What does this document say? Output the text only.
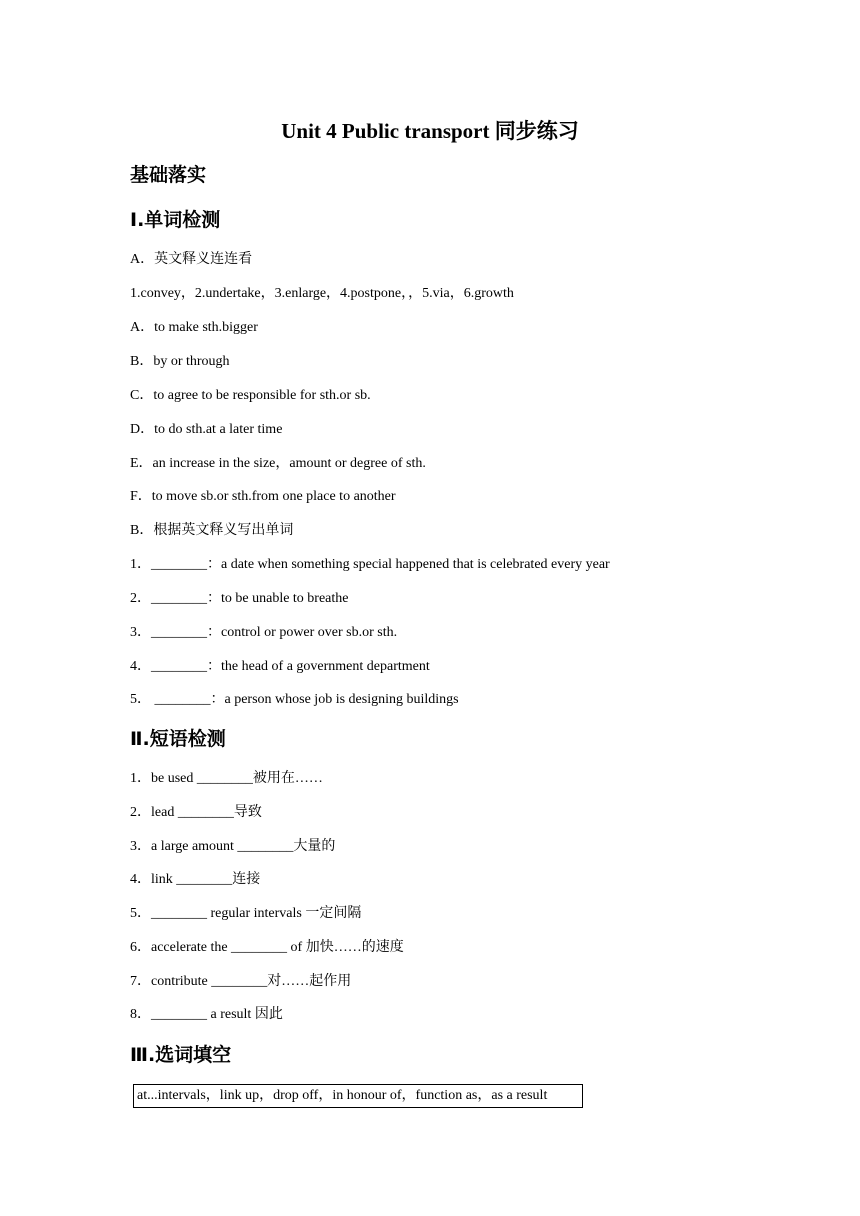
Unit 4 Public transport 同步练习
基础落实
Ⅰ.单词检测
A．英文释义连连看
1.convey，2.undertake，3.enlarge，4.postpone，，5.via，6.growth
A．to make sth.bigger
B．by or through
C．to agree to be responsible for sth.or sb.
D．to do sth.at a later time
E．an increase in the size，amount or degree of sth.
F．to move sb.or sth.from one place to another
B．根据英文释义写出单词
1．________：a date when something special happened that is celebrated every year
2．________：to be unable to breathe
3．________：control or power over sb.or sth.
4．________：the head of a government department
5． ________：a person whose job is designing buildings
Ⅱ.短语检测
1．be used ________被用在……
2．lead ________导致
3．a large amount ________大量的
4．link ________连接
5．________ regular intervals 一定间隔
6．accelerate the ________ of 加快……的速度
7．contribute ________对……起作用
8．________ a result 因此
Ⅲ.选词填空
at...intervals，link up，drop off，in honour of，function as，as a result
